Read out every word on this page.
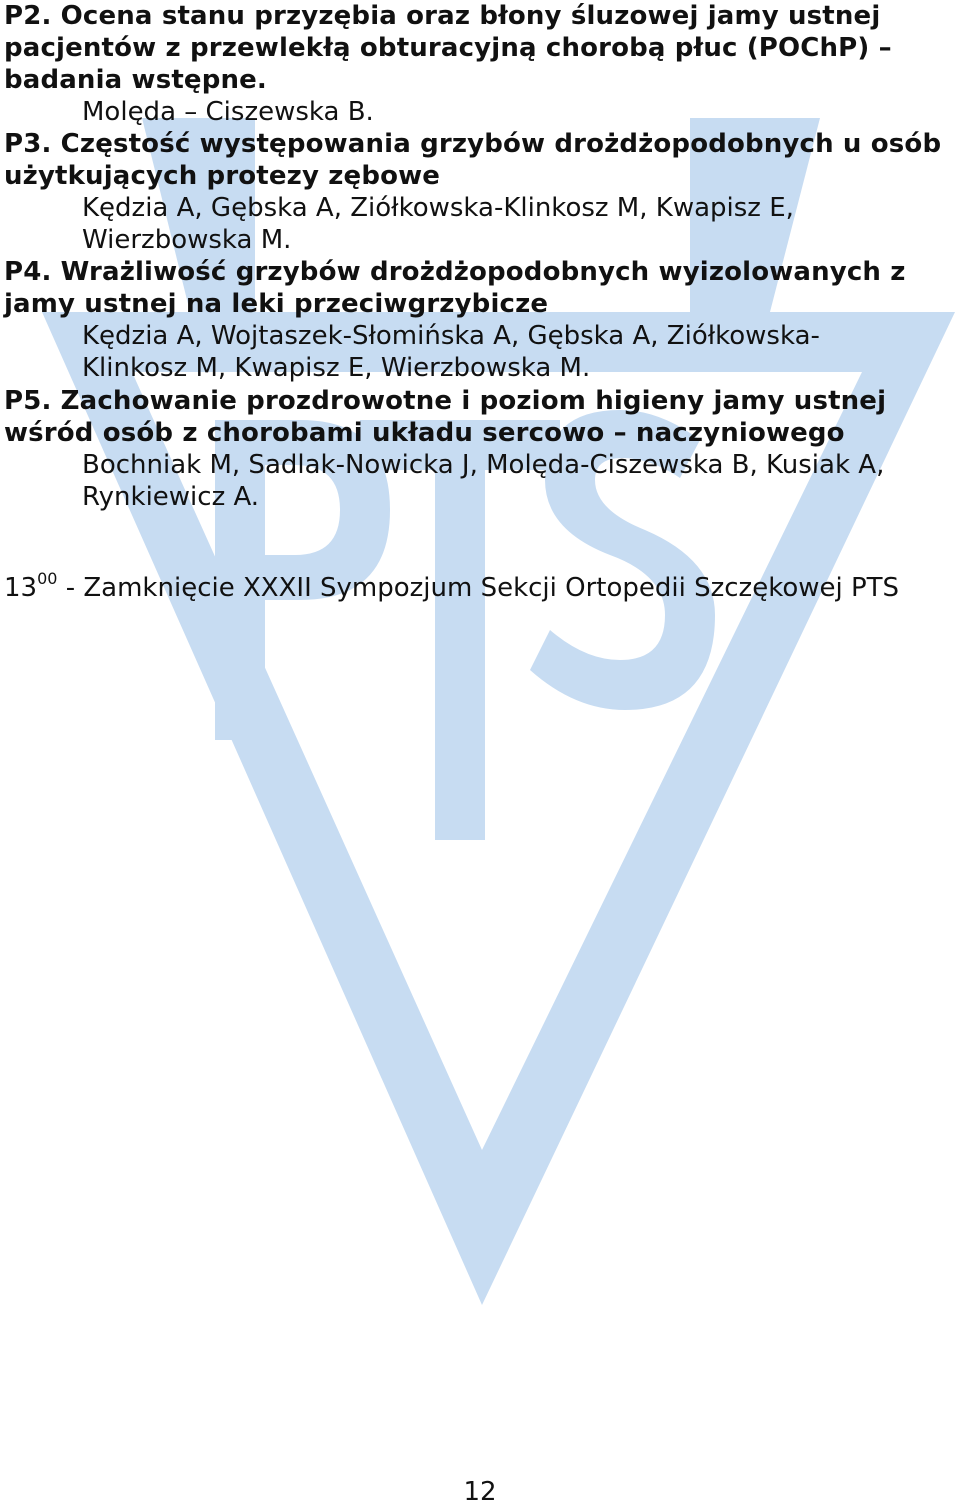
P2. Ocena stanu przyzębia oraz błony śluzowej jamy ustnej
pacjentów z przewlekłą obturacyjną chorobą płuc (POChP) –
badania wstępne.
Molęda – Ciszewska B.
P3. Częstość występowania grzybów drożdżopodobnych u osób
użytkujących protezy zębowe
Kędzia A, Gębska A, Ziółkowska-Klinkosz M, Kwapisz E,
Wierzbowska M.
P4. Wrażliwość grzybów drożdżopodobnych wyizolowanych z
jamy ustnej na leki przeciwgrzybicze
Kędzia A, Wojtaszek-Słomińska A, Gębska A, Ziółkowska-
Klinkosz M, Kwapisz E, Wierzbowska M.
P5. Zachowanie prozdrowotne i poziom higieny jamy ustnej
wśród osób z chorobami układu sercowo – naczyniowego
Bochniak M, Sadlak-Nowicka J, Molęda-Ciszewska B, Kusiak A,
Rynkiewicz A.
$13^{00}$ - Zamknięcie XXXII Sympozjum Sekcji Ortopedii Szczękowej PTS
12
